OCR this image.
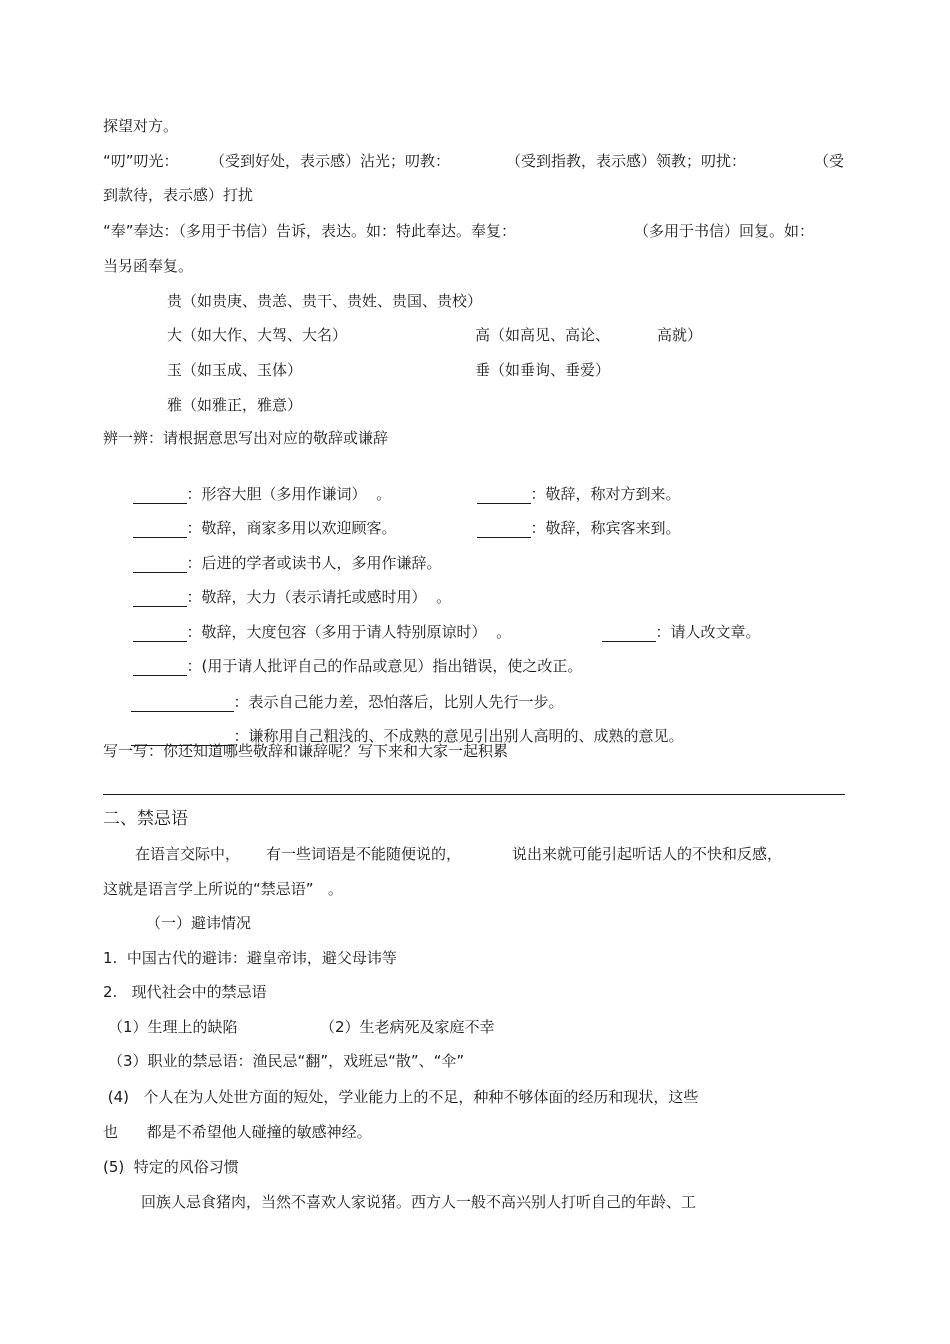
探望对方。
“叨”叨光： （受到好处，表示感）沾光；叨教：	（受到指教，表示感）领教；叨扰：	（受
到款待，表示感）打扰
“奉”奉达：（多用于书信）告诉，表达。如：特此奉达。奉复：	（多用于书信）回复。如：
当另函奉复。
贵（如贵庚、贵恙、贵干、贵姓、贵国、贵校）
大（如大作、大驾、大名）	高（如高见、高论、	高就）
玉（如玉成、玉体）	垂（如垂询、垂爱）
雅（如雅正，雅意）
辨一辨：请根据意思写出对应的敬辞或谦辞

：形容大胆（多用作谦词）  。	：敬辞，称对方到来。

：敬辞，商家多用以欢迎顾客。	：敬辞，称宾客来到。

：后进的学者或读书人，多用作谦辞。

：敬辞，大力（表示请托或感时用）  。

：敬辞，大度包容（多用于请人特别原谅时）  。	：请人改文章。

：(用于请人批评自己的作品或意见）指出错误，使之改正。

：表示自己能力差，恐怕落后，比别人先行一步。

：谦称用自己粗浅的、不成熟的意见引出别人高明的、成熟的意见。

写一写：你还知道哪些敬辞和谦辞呢？写下来和大家一起积累
二、禁忌语
在语言交际中， 有一些词语是不能随便说的，	说出来就可能引起听话人的不快和反感，
这就是语言学上所说的“禁忌语”   。
（一）避讳情况
1.  中国古代的避讳：避皇帝讳，避父母讳等
2.   现代社会中的禁忌语
（1）生理上的缺陷	（2）生老病死及家庭不幸
（3）职业的禁忌语：渔民忌“翻”，戏班忌“散”、“伞”
(4)   个人在为人处世方面的短处，学业能力上的不足，种种不够体面的经历和现状，这些
也      都是不希望他人碰撞的敏感神经。
(5)  特定的风俗习惯
回族人忌食猪肉，当然不喜欢人家说猪。西方人一般不高兴别人打听自己的年龄、工
